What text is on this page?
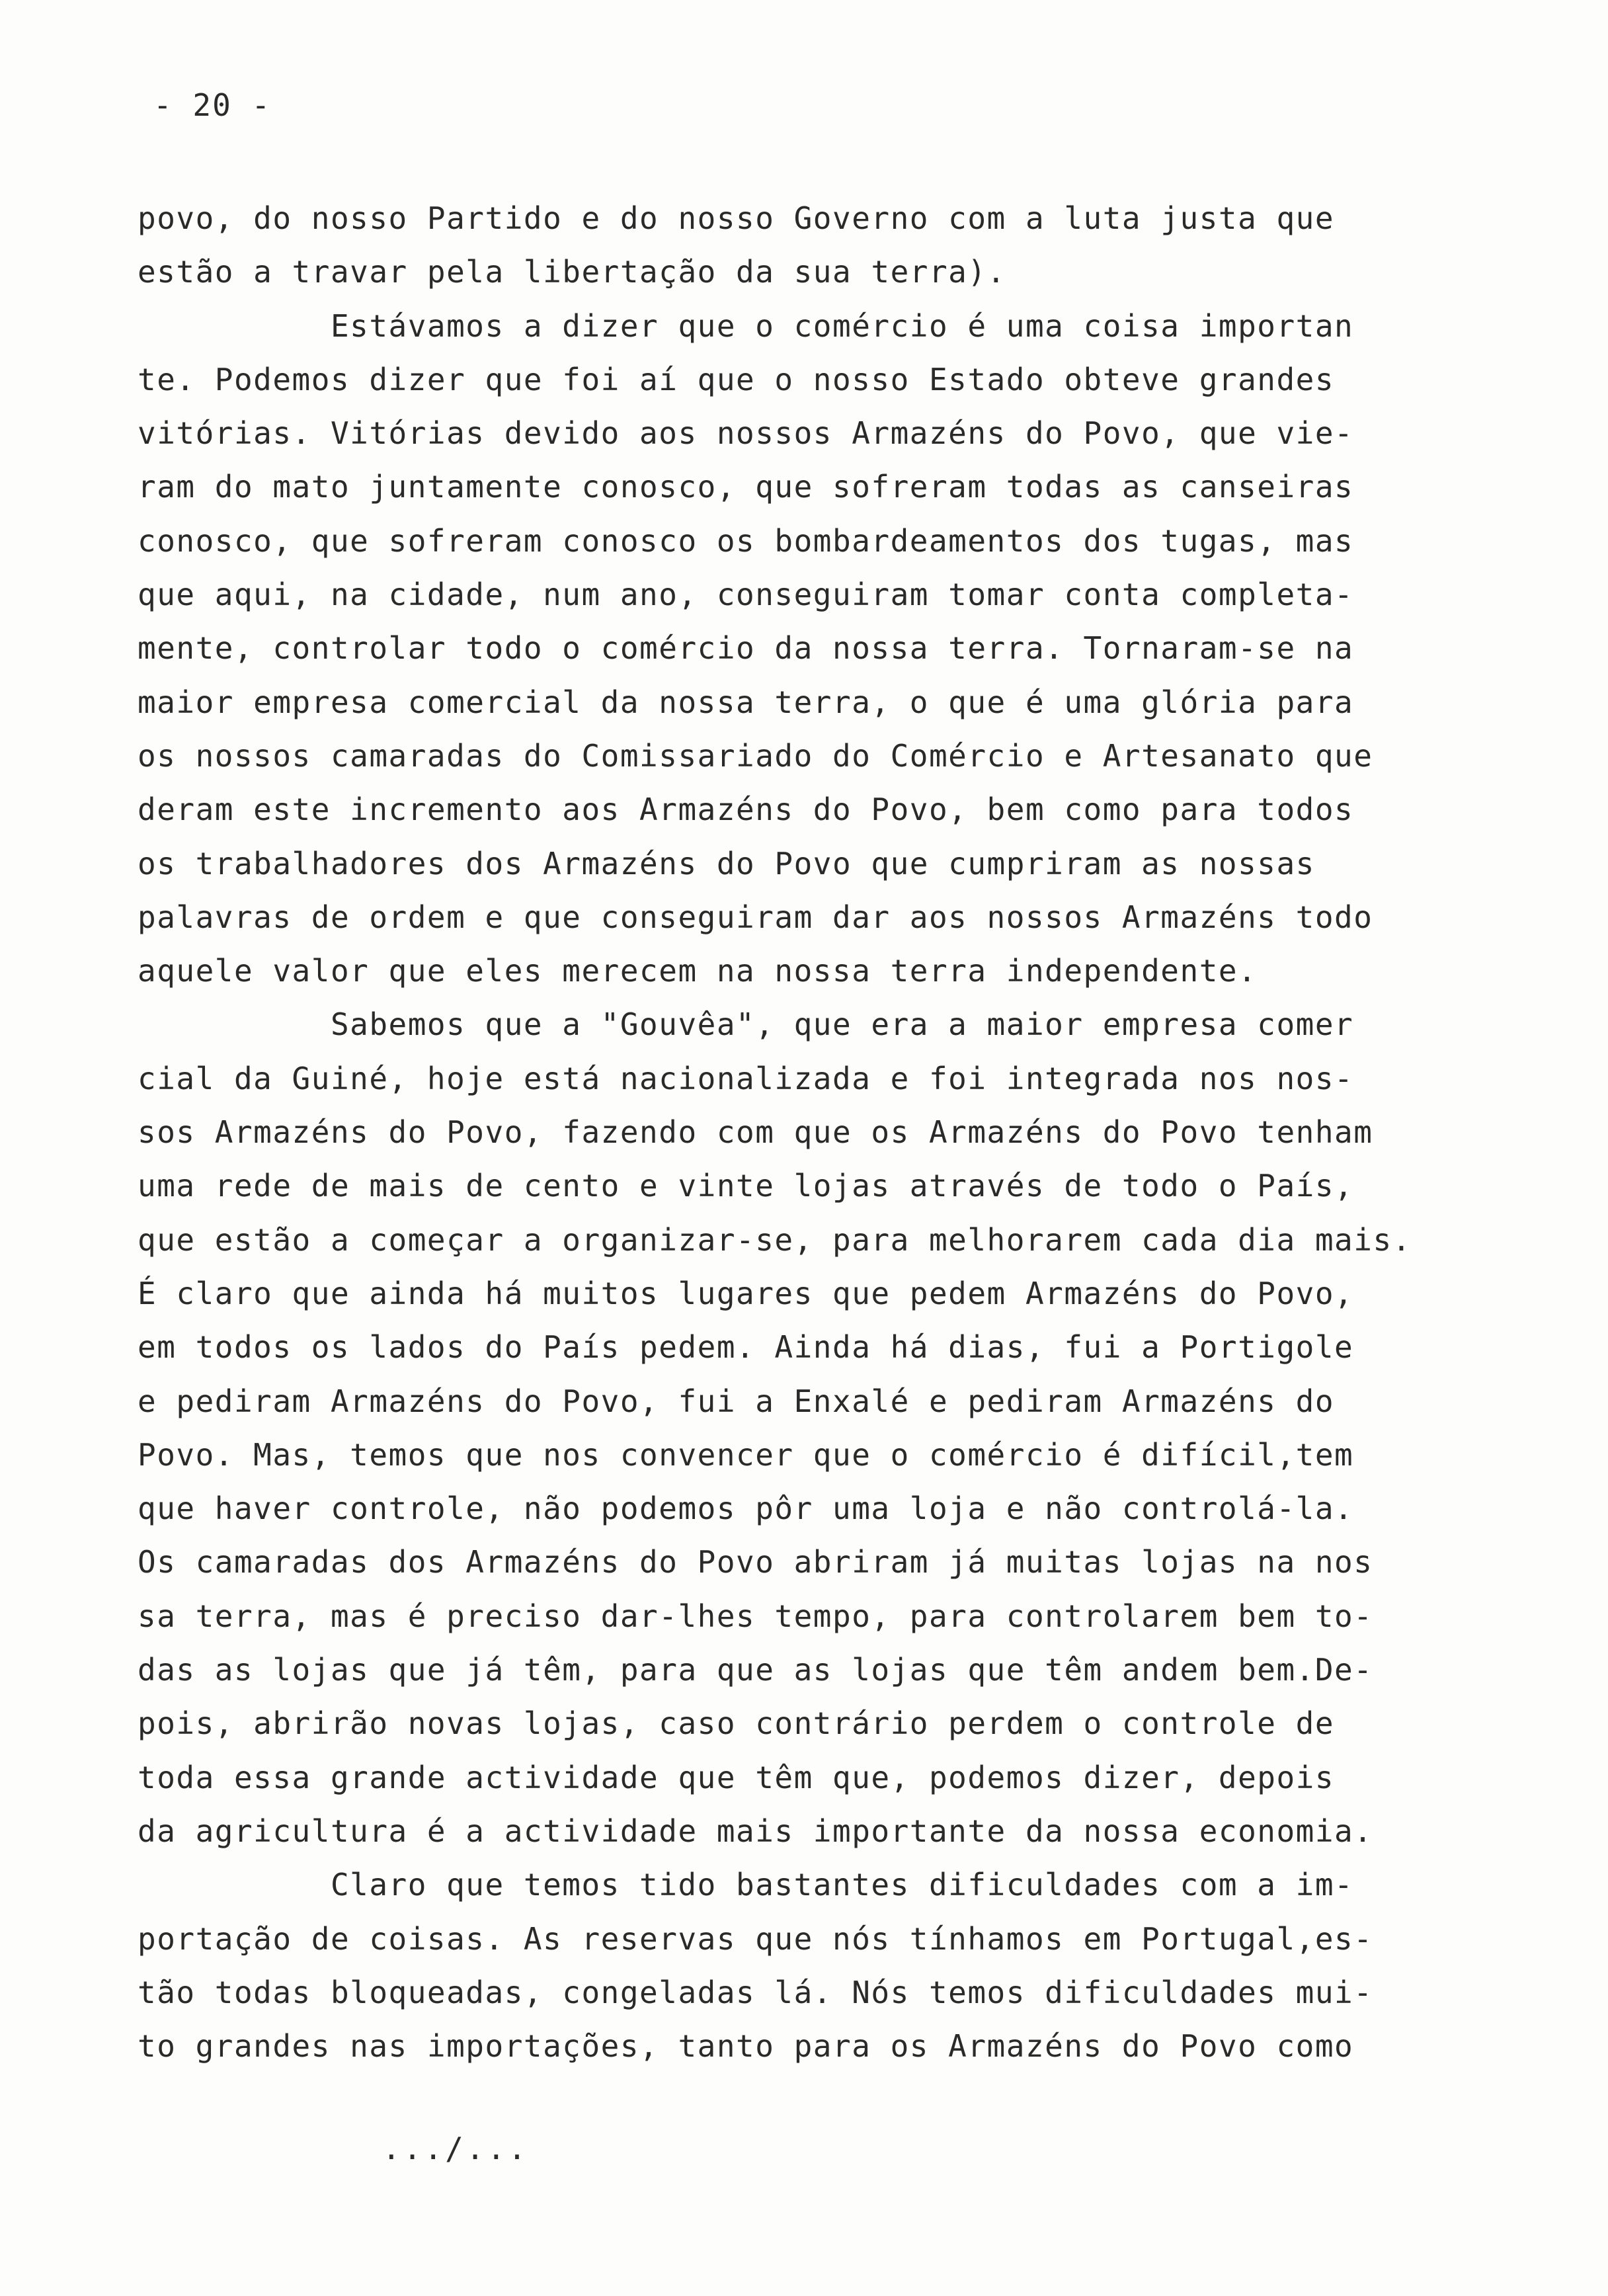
- 20 -
povo, do nosso Partido e do nosso Governo com a luta justa que
estão a travar pela libertação da sua terra).
Estávamos a dizer que o comércio é uma coisa importan
te. Podemos dizer que foi aí que o nosso Estado obteve grandes
vitórias. Vitórias devido aos nossos Armazéns do Povo, que vie-
ram do mato juntamente conosco, que sofreram todas as canseiras
conosco, que sofreram conosco os bombardeamentos dos tugas, mas
que aqui, na cidade, num ano, conseguiram tomar conta completa-
mente, controlar todo o comércio da nossa terra. Tornaram-se na
maior empresa comercial da nossa terra, o que é uma glória para
os nossos camaradas do Comissariado do Comércio e Artesanato que
deram este incremento aos Armazéns do Povo, bem como para todos
os trabalhadores dos Armazéns do Povo que cumpriram as nossas
palavras de ordem e que conseguiram dar aos nossos Armazéns todo
aquele valor que eles merecem na nossa terra independente.
Sabemos que a "Gouvêa", que era a maior empresa comer
cial da Guiné, hoje está nacionalizada e foi integrada nos nos-
sos Armazéns do Povo, fazendo com que os Armazéns do Povo tenham
uma rede de mais de cento e vinte lojas através de todo o País,
que estão a começar a organizar-se, para melhorarem cada dia mais.
É claro que ainda há muitos lugares que pedem Armazéns do Povo,
em todos os lados do País pedem. Ainda há dias, fui a Portigole
e pediram Armazéns do Povo, fui a Enxalé e pediram Armazéns do
Povo. Mas, temos que nos convencer que o comércio é difícil,tem
que haver controle, não podemos pôr uma loja e não controlá-la.
Os camaradas dos Armazéns do Povo abriram já muitas lojas na nos
sa terra, mas é preciso dar-lhes tempo, para controlarem bem to-
das as lojas que já têm, para que as lojas que têm andem bem.De-
pois, abrirão novas lojas, caso contrário perdem o controle de
toda essa grande actividade que têm que, podemos dizer, depois
da agricultura é a actividade mais importante da nossa economia.
Claro que temos tido bastantes dificuldades com a im-
portação de coisas. As reservas que nós tínhamos em Portugal,es-
tão todas bloqueadas, congeladas lá. Nós temos dificuldades mui-
to grandes nas importações, tanto para os Armazéns do Povo como
.../...
